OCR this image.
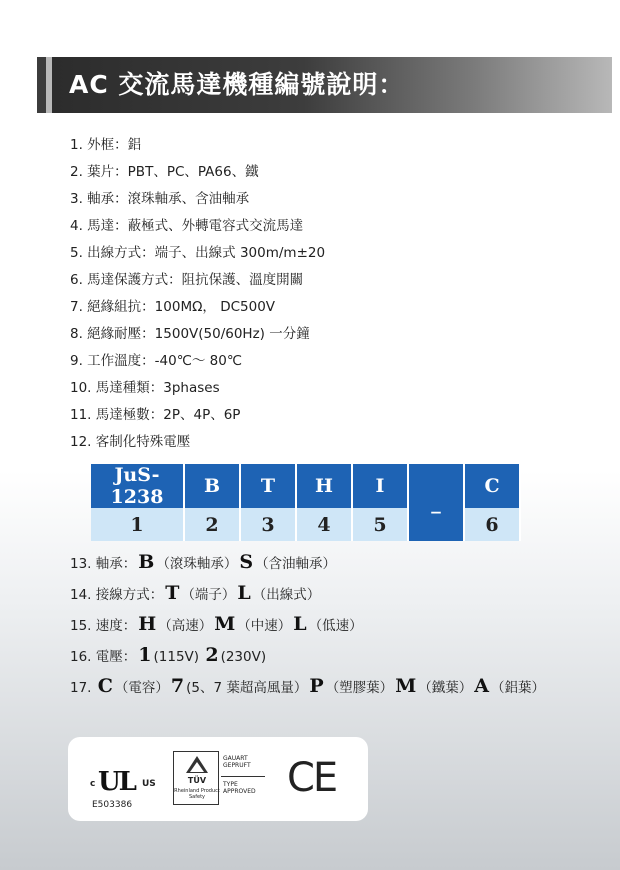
AC 交流馬達機種編號說明：
1. 外框：鋁
2. 葉片：PBT、PC、PA66、鐵
3. 軸承：滾珠軸承、含油軸承
4. 馬達：蔽極式、外轉電容式交流馬達
5. 出線方式：端子、出線式 300m/m±20
6. 馬達保護方式：阻抗保護、溫度開關
7. 絕緣組抗：100MΩ， DC500V
8. 絕緣耐壓：1500V(50/60Hz) 一分鐘
9. 工作溫度：-40℃～ 80℃
10. 馬達種類：3phases
11. 馬達極數：2P、4P、6P
12. 客制化特殊電壓
JuS-1238	B	T	H	I	_	C
1	2	3	4	5		6
13. 軸承： B （滾珠軸承） S （含油軸承）
14. 接線方式： T （端子） L （出線式）
15. 速度： H （高速） M （中速） L （低速）
16. 電壓： 1 (115V) 2 (230V)
17. C （電容） 7 (5、7 葉超高風量） P （塑膠葉） M （鐵葉） A （鋁葉）
c UL US
E503386
TÜV
Rheinland Product Safety
GAUART GEPRUFT
TYPE APPROVED CE
